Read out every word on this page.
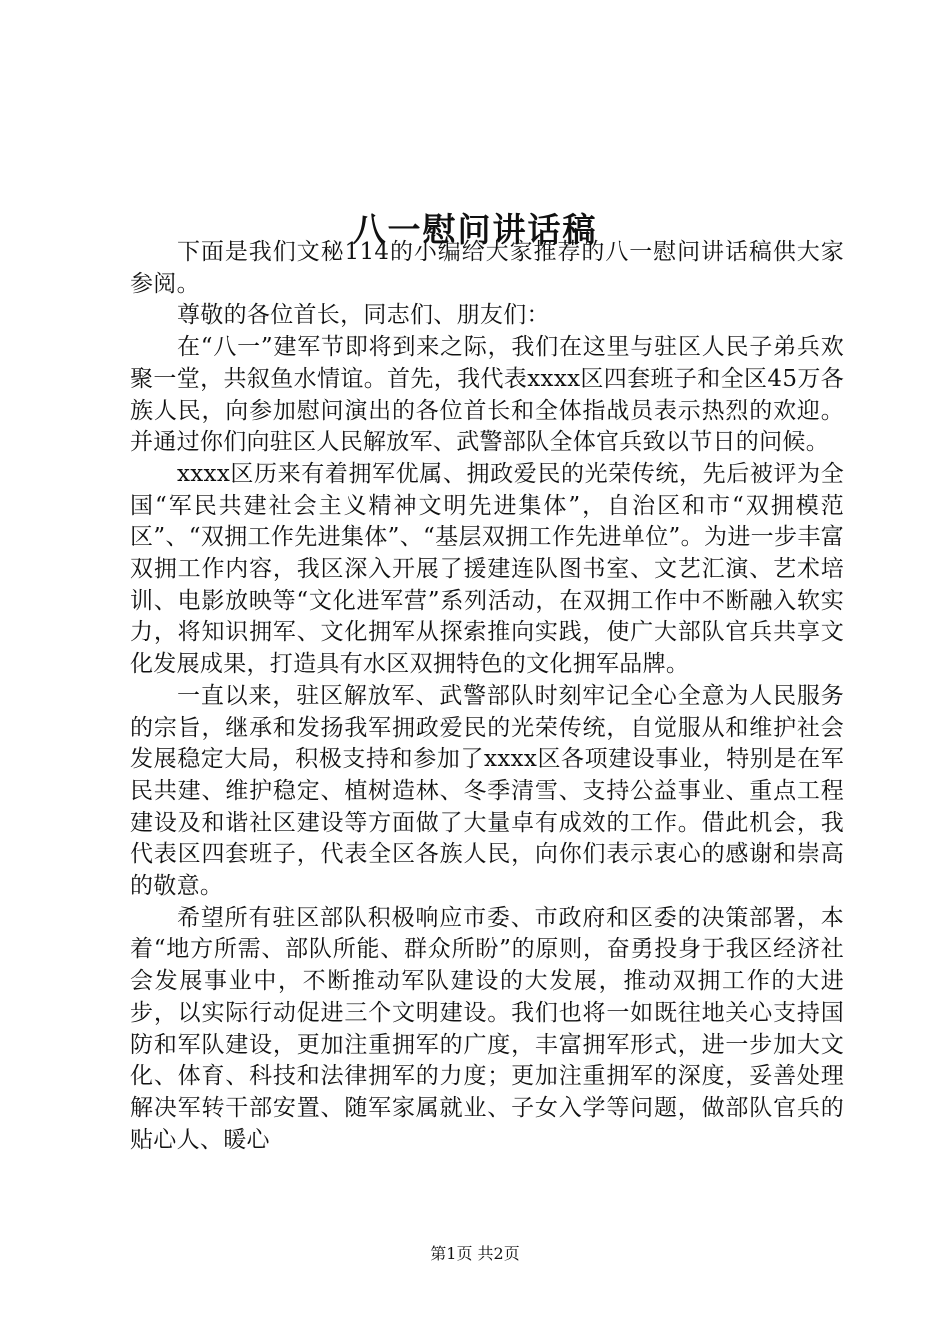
八一慰问讲话稿

下面是我们文秘114的小编给大家推荐的八一慰问讲话稿供大家参阅。

尊敬的各位首长，同志们、朋友们：

在“八一”建军节即将到来之际，我们在这里与驻区人民子弟兵欢聚一堂，共叙鱼水情谊。首先，我代表xxxx区四套班子和全区45万各族人民，向参加慰问演出的各位首长和全体指战员表示热烈的欢迎。并通过你们向驻区人民解放军、武警部队全体官兵致以节日的问候。

xxxx区历来有着拥军优属、拥政爱民的光荣传统，先后被评为全国“军民共建社会主义精神文明先进集体”，自治区和市“双拥模范区”、“双拥工作先进集体”、“基层双拥工作先进单位”。为进一步丰富双拥工作内容，我区深入开展了援建连队图书室、文艺汇演、艺术培训、电影放映等“文化进军营”系列活动，在双拥工作中不断融入软实力，将知识拥军、文化拥军从探索推向实践，使广大部队官兵共享文化发展成果，打造具有水区双拥特色的文化拥军品牌。

一直以来，驻区解放军、武警部队时刻牢记全心全意为人民服务的宗旨，继承和发扬我军拥政爱民的光荣传统，自觉服从和维护社会发展稳定大局，积极支持和参加了xxxx区各项建设事业，特别是在军民共建、维护稳定、植树造林、冬季清雪、支持公益事业、重点工程建设及和谐社区建设等方面做了大量卓有成效的工作。借此机会，我代表区四套班子，代表全区各族人民，向你们表示衷心的感谢和崇高的敬意。

希望所有驻区部队积极响应市委、市政府和区委的决策部署，本着“地方所需、部队所能、群众所盼”的原则，奋勇投身于我区经济社会发展事业中，不断推动军队建设的大发展，推动双拥工作的大进步，以实际行动促进三个文明建设。我们也将一如既往地关心支持国防和军队建设，更加注重拥军的广度，丰富拥军形式，进一步加大文化、体育、科技和法律拥军的力度；更加注重拥军的深度，妥善处理解决军转干部安置、随军家属就业、子女入学等问题，做部队官兵的贴心人、暖心

第1页 共2页
